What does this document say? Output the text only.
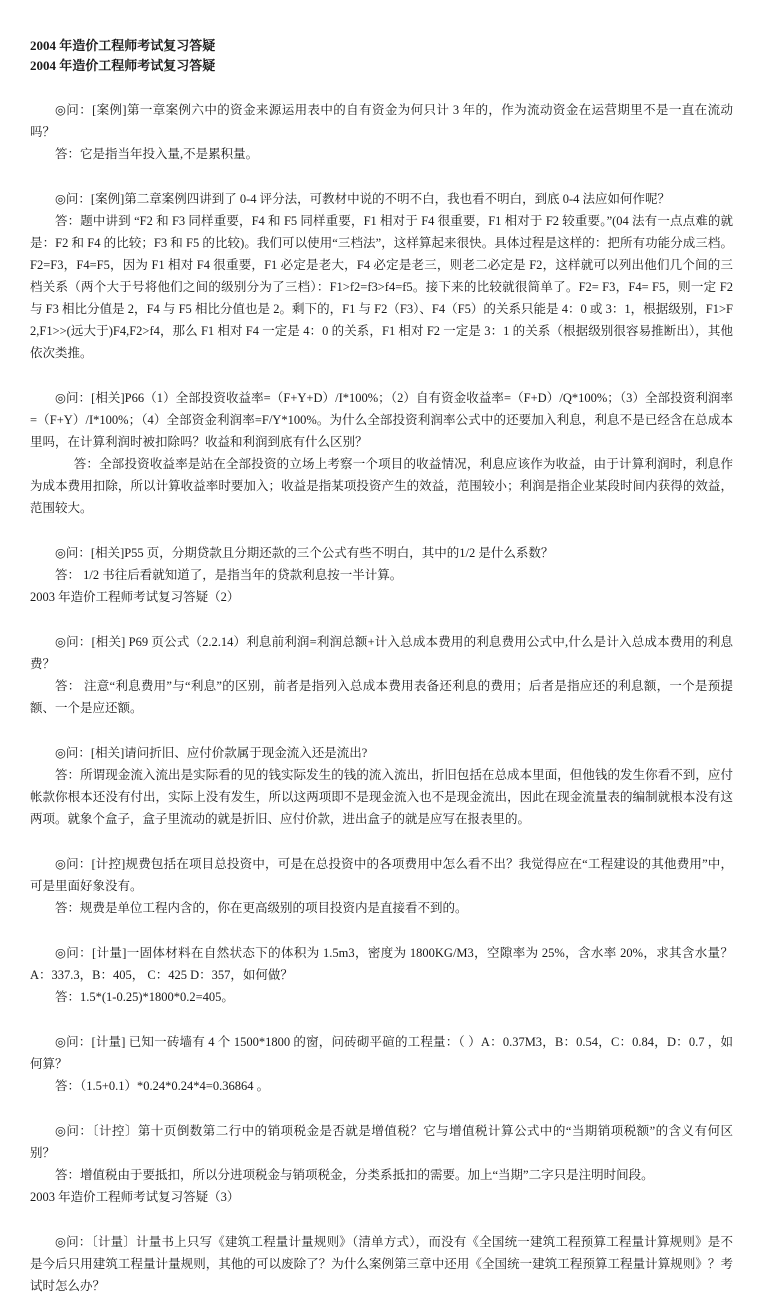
2004 年造价工程师考试复习答疑

2004 年造价工程师考试复习答疑

◎问：[案例]第一章案例六中的资金来源运用表中的自有资金为何只计 3 年的，作为流动资金在运营期里不是一直在流动吗？

答：它是指当年投入量,不是累积量。

◎问：[案例]第二章案例四讲到了 0-4 评分法，可教材中说的不明不白，我也看不明白，到底 0-4 法应如何作呢？

答：题中讲到 “F2 和 F3 同样重要，F4 和 F5 同样重要，F1 相对于 F4 很重要，F1 相对于 F2 较重要。”(04 法有一点点难的就是：F2 和 F4 的比较；F3 和 F5 的比较)。我们可以使用“三档法”，这样算起来很快。具体过程是这样的：把所有功能分成三档。F2=F3，F4=F5，因为 F1 相对 F4 很重要，F1 必定是老大，F4 必定是老三，则老二必定是 F2，这样就可以列出他们几个间的三档关系（两个大于号将他们之间的级别分为了三档）：F1>f2=f3>f4=f5。接下来的比较就很简单了。F2= F3，F4= F5，则一定 F2 与 F3 相比分值是 2，F4 与 F5 相比分值也是 2。剩下的，F1 与 F2（F3）、F4（F5）的关系只能是 4：0 或 3：1，根据级别，F1>F2,F1>>(远大于)F4,F2>f4，那么 F1 相对 F4 一定是 4：0 的关系，F1 相对 F2 一定是 3：1 的关系（根据级别很容易推断出），其他依次类推。

◎问：[相关]P66（1）全部投资收益率=（F+Y+D）/I*100%；（2）自有资金收益率=（F+D）/Q*100%；（3）全部投资利润率=（F+Y）/I*100%；（4）全部资金利润率=F/Y*100%。为什么全部投资利润率公式中的还要加入利息，利息不是已经含在总成本里吗，在计算利润时被扣除吗？收益和利润到底有什么区别？

答：全部投资收益率是站在全部投资的立场上考察一个项目的收益情况，利息应该作为收益，由于计算利润时，利息作为成本费用扣除，所以计算收益率时要加入；收益是指某项投资产生的效益，范围较小；利润是指企业某段时间内获得的效益，范围较大。

◎问：[相关]P55 页，分期贷款且分期还款的三个公式有些不明白，其中的1/2 是什么系数？

答： 1/2 书往后看就知道了，是指当年的贷款利息按一半计算。

2003 年造价工程师考试复习答疑（2）

◎问：[相关] P69 页公式（2.2.14）利息前利润=利润总额+计入总成本费用的利息费用公式中,什么是计入总成本费用的利息费？

答： 注意“利息费用”与“利息”的区别，前者是指列入总成本费用表备还利息的费用；后者是指应还的利息额，一个是预提额、一个是应还额。

◎问：[相关]请问折旧、应付价款属于现金流入还是流出?

答：所谓现金流入流出是实际看的见的钱实际发生的钱的流入流出，折旧包括在总成本里面，但他钱的发生你看不到，应付帐款你根本还没有付出，实际上没有发生，所以这两项即不是现金流入也不是现金流出，因此在现金流量表的编制就根本没有这两项。就象个盒子，盒子里流动的就是折旧、应付价款，进出盒子的就是应写在报表里的。

◎问：[计控]规费包括在项目总投资中，可是在总投资中的各项费用中怎么看不出？我觉得应在“工程建设的其他费用”中，可是里面好象没有。

答：规费是单位工程内含的，你在更高级别的项目投资内是直接看不到的。

◎问：[计量]一固体材料在自然状态下的体积为 1.5m3，密度为 1800KG/M3，空隙率为 25%，含水率 20%，求其含水量？A：337.3，B：405， C：425 D：357，如何做？

答：1.5*(1-0.25)*1800*0.2=405。

◎问：[计量] 已知一砖墙有 4 个 1500*1800 的窗，问砖砌平碹的工程量：（ ）A：0.37M3，B：0.54，C：0.84，D：0.7 ，如何算？

答：（1.5+0.1）*0.24*0.24*4=0.36864 。

◎问：〔计控〕第十页倒数第二行中的销项税金是否就是增值税？它与增值税计算公式中的“当期销项税额”的含义有何区别？

答：增值税由于要抵扣，所以分进项税金与销项税金，分类系抵扣的需要。加上“当期”二字只是注明时间段。

2003 年造价工程师考试复习答疑（3）

◎问：〔计量〕计量书上只写《建筑工程量计量规则》（清单方式），而没有《全国统一建筑工程预算工程量计算规则》是不是今后只用建筑工程量计量规则，其他的可以废除了？为什么案例第三章中还用《全国统一建筑工程预算工程量计算规则》？考试时怎么办？
